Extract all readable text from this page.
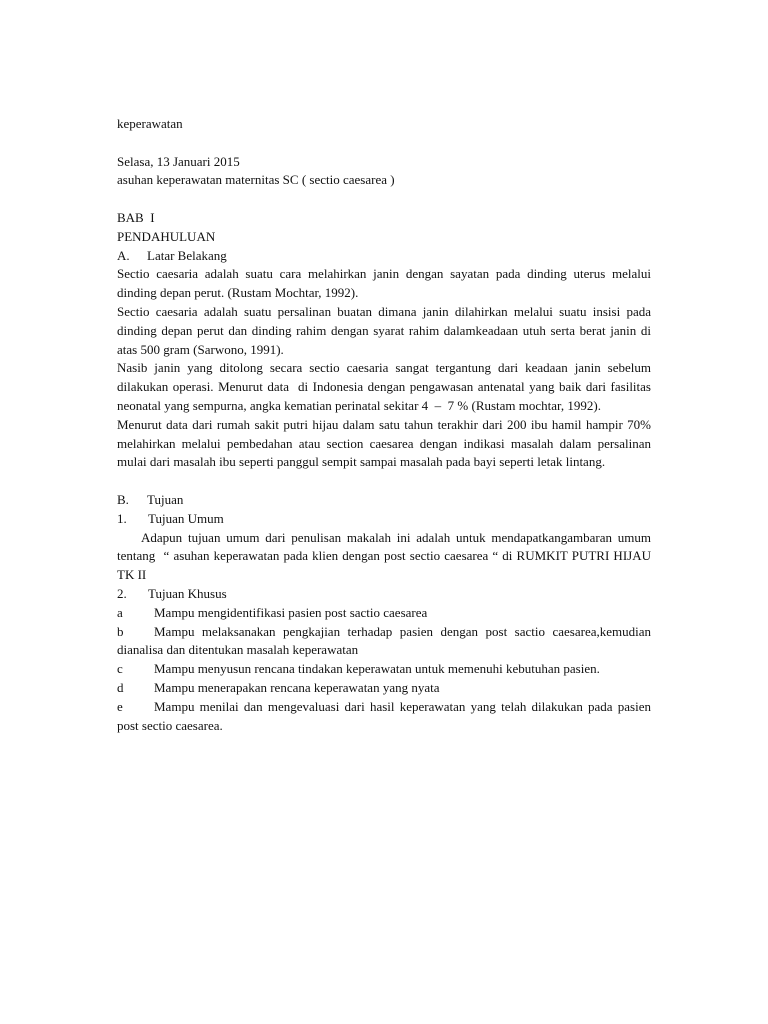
keperawatan

Selasa, 13 Januari 2015

asuhan keperawatan maternitas SC ( sectio caesarea )

BAB  I

PENDAHULUAN

A. Latar Belakang

Sectio caesaria adalah suatu cara melahirkan janin dengan sayatan pada dinding uterus melalui dinding depan perut. (Rustam Mochtar, 1992).

Sectio caesaria adalah suatu persalinan buatan dimana janin dilahirkan melalui suatu insisi pada dinding depan perut dan dinding rahim dengan syarat rahim dalamkeadaan utuh serta berat janin di atas 500 gram (Sarwono, 1991).

Nasib janin yang ditolong secara sectio caesaria sangat tergantung dari keadaan janin sebelum dilakukan operasi. Menurut data  di Indonesia dengan pengawasan antenatal yang baik dari fasilitas neonatal yang sempurna, angka kematian perinatal sekitar 4  –  7 % (Rustam mochtar, 1992).

Menurut data dari rumah sakit putri hijau dalam satu tahun terakhir dari 200 ibu hamil hampir 70% melahirkan melalui pembedahan atau section caesarea dengan indikasi masalah dalam persalinan mulai dari masalah ibu seperti panggul sempit sampai masalah pada bayi seperti letak lintang.

B. Tujuan

1. Tujuan Umum

Adapun tujuan umum dari penulisan makalah ini adalah untuk mendapatkangambaran umum tentang  “ asuhan keperawatan pada klien dengan post sectio caesarea “ di RUMKIT PUTRI HIJAU TK II

2. Tujuan Khusus

a Mampu mengidentifikasi pasien post sactio caesarea

b Mampu melaksanakan pengkajian terhadap pasien dengan post sactio caesarea,kemudian dianalisa dan ditentukan masalah keperawatan

c Mampu menyusun rencana tindakan keperawatan untuk memenuhi kebutuhan pasien.

d Mampu menerapakan rencana keperawatan yang nyata

e Mampu menilai dan mengevaluasi dari hasil keperawatan yang telah dilakukan pada pasien post sectio caesarea.
